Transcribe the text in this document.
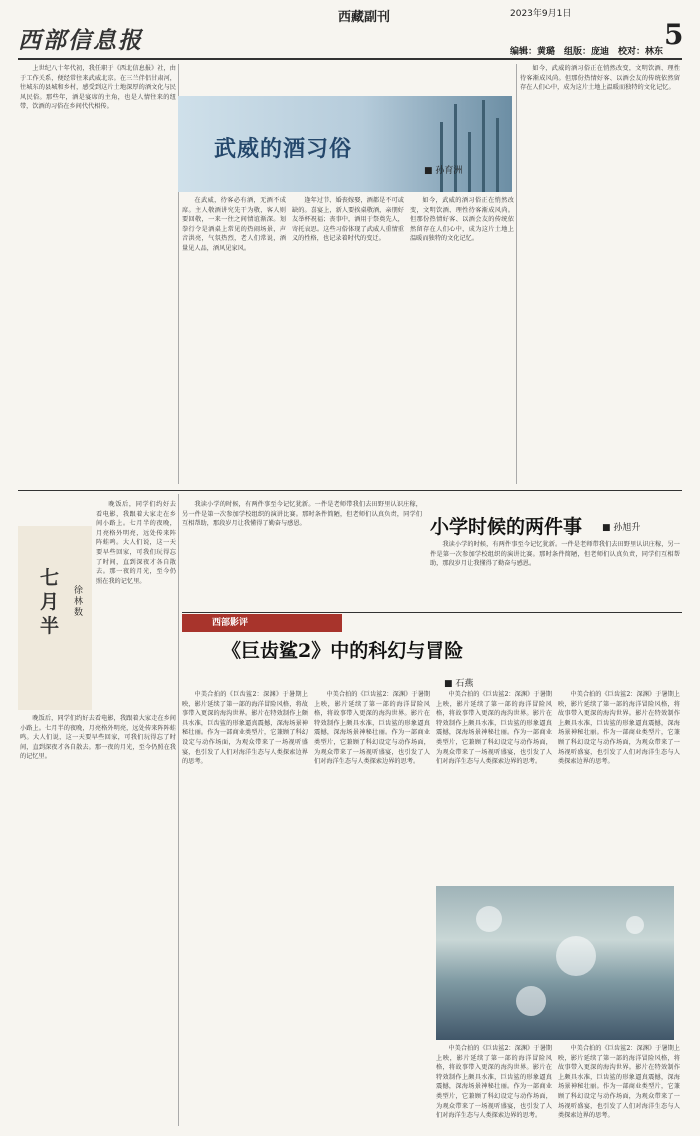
西部信息报
西藏副刊	2023年9月1日
编辑：黄璐　组版：庞迪　校对：林东
5

上世纪八十年代初，我任职于《西北信息报》社，由于工作关系，便经常往来武威北京。在三兰伴侣甘肃河，往城东的县城和乡村，感受到这片土地深厚的酒文化与民风民俗。那些年，酒是宴席的主角，也是人情往来的纽带，饮酒的习俗在乡间代代相传。

武威的酒习俗
■ 孙育洲

在武威，待客必有酒，无酒不成席。主人敬酒讲究先干为敬，客人则要回敬，一来一往之间情谊渐深。划拳行令是酒桌上常见的热闹场景，声音洪亮，气氛热烈，老人们常说，酒量见人品，酒风见家风。

逢年过节、婚丧嫁娶，酒都是不可或缺的。喜宴上，新人要挨桌敬酒，亲朋好友举杯祝福；丧事中，酒用于祭奠先人，寄托哀思。这些习俗体现了武威人重情重义的性格，也记录着时代的变迁。

如今，武威的酒习俗正在悄然改变，文明饮酒、理性待客渐成风尚。但那份热情好客、以酒会友的传统依然留存在人们心中，成为这片土地上温暖而独特的文化记忆。

如今，武威的酒习俗正在悄然改变，文明饮酒、理性待客渐成风尚。但那份热情好客、以酒会友的传统依然留存在人们心中，成为这片土地上温暖而独特的文化记忆。

七月半
徐 林数

晚饭后，同学们约好去看电影，我跟着大家走在乡间小路上。七月半的夜晚，月亮格外明亮，远处传来阵阵蛙鸣。大人们说，这一天要早些回家，可我们玩得忘了时间，直到深夜才各自散去。那一夜的月光，至今仍照在我的记忆里。

晚饭后，同学们约好去看电影，我跟着大家走在乡间小路上。七月半的夜晚，月亮格外明亮，远处传来阵阵蛙鸣。大人们说，这一天要早些回家，可我们玩得忘了时间，直到深夜才各自散去。那一夜的月光，至今仍照在我的记忆里。

小学时候的两件事 ■ 孙旭升

我读小学的时候，有两件事至今记忆犹新。一件是老师带我们去田野里认识庄稼，另一件是第一次参加学校组织的演讲比赛。那时条件简陋，但老师们认真负责，同学们互相帮助，那段岁月让我懂得了勤奋与感恩。

我读小学的时候，有两件事至今记忆犹新。一件是老师带我们去田野里认识庄稼，另一件是第一次参加学校组织的演讲比赛。那时条件简陋，但老师们认真负责，同学们互相帮助，那段岁月让我懂得了勤奋与感恩。

西部影评
《巨齿鲨2》中的科幻与冒险
■ 石燕

中美合拍的《巨齿鲨2：深渊》于暑期上映，影片延续了第一部的海洋冒险风格，将故事带入更深的海沟世界。影片在特效制作上颇具水准，巨齿鲨的形象逼真震撼，深海场景神秘壮丽。作为一部商业类型片，它兼顾了科幻设定与动作场面，为观众带来了一场视听盛宴，也引发了人们对海洋生态与人类探索边界的思考。

中美合拍的《巨齿鲨2：深渊》于暑期上映，影片延续了第一部的海洋冒险风格，将故事带入更深的海沟世界。影片在特效制作上颇具水准，巨齿鲨的形象逼真震撼，深海场景神秘壮丽。作为一部商业类型片，它兼顾了科幻设定与动作场面，为观众带来了一场视听盛宴，也引发了人们对海洋生态与人类探索边界的思考。

中美合拍的《巨齿鲨2：深渊》于暑期上映，影片延续了第一部的海洋冒险风格，将故事带入更深的海沟世界。影片在特效制作上颇具水准，巨齿鲨的形象逼真震撼，深海场景神秘壮丽。作为一部商业类型片，它兼顾了科幻设定与动作场面，为观众带来了一场视听盛宴，也引发了人们对海洋生态与人类探索边界的思考。

中美合拍的《巨齿鲨2：深渊》于暑期上映，影片延续了第一部的海洋冒险风格，将故事带入更深的海沟世界。影片在特效制作上颇具水准，巨齿鲨的形象逼真震撼，深海场景神秘壮丽。作为一部商业类型片，它兼顾了科幻设定与动作场面，为观众带来了一场视听盛宴，也引发了人们对海洋生态与人类探索边界的思考。

中美合拍的《巨齿鲨2：深渊》于暑期上映，影片延续了第一部的海洋冒险风格，将故事带入更深的海沟世界。影片在特效制作上颇具水准，巨齿鲨的形象逼真震撼，深海场景神秘壮丽。作为一部商业类型片，它兼顾了科幻设定与动作场面，为观众带来了一场视听盛宴，也引发了人们对海洋生态与人类探索边界的思考。

中美合拍的《巨齿鲨2：深渊》于暑期上映，影片延续了第一部的海洋冒险风格，将故事带入更深的海沟世界。影片在特效制作上颇具水准，巨齿鲨的形象逼真震撼，深海场景神秘壮丽。作为一部商业类型片，它兼顾了科幻设定与动作场面，为观众带来了一场视听盛宴，也引发了人们对海洋生态与人类探索边界的思考。
